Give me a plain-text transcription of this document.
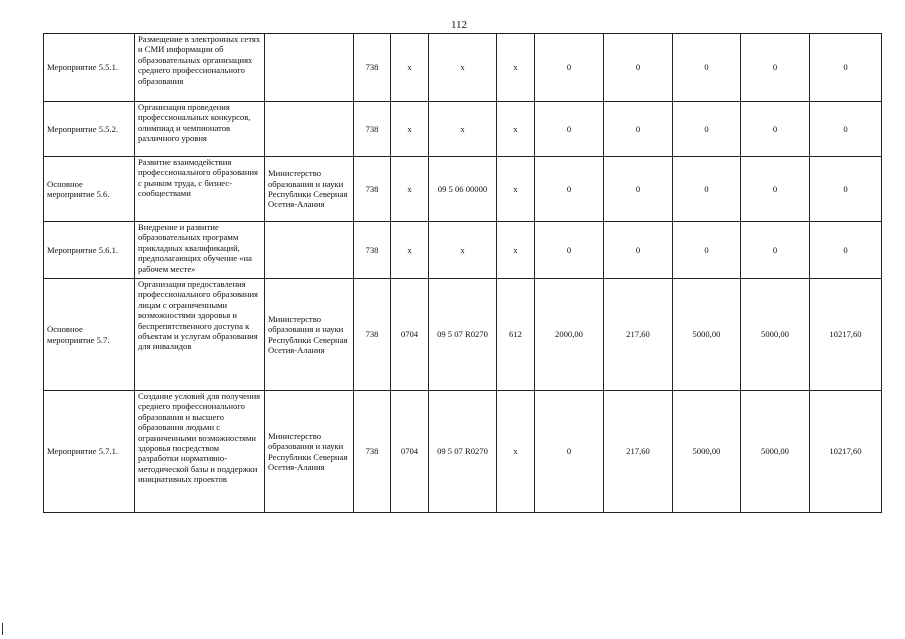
112
Мероприятие 5.5.1.	Размещение в электронных сетях и СМИ информации об образовательных организациях среднего профессионального образования		738	x	x	x	0	0	0	0	0
Мероприятие 5.5.2.	Организация проведения профессиональных конкурсов, олимпиад и чемпионатов различного уровня		738	x	x	x	0	0	0	0	0
Основное мероприятие 5.6.	Развитие взаимодействия профессионального образования с рынком труда, с бизнес-сообществами	Министерство образования и науки Республики Северная Осетия-Алания	738	x	09 5 06 00000	x	0	0	0	0	0
Мероприятие 5.6.1.	Внедрение и развитие образовательных программ прикладных квалификаций, предполагающих обучение «на рабочем месте»		738	x	x	x	0	0	0	0	0
Основное мероприятие 5.7.	Организация предоставления профессионального образования лицам с ограниченными возможностями здоровья и беспрепятственного доступа к объектам и услугам образования для инвалидов	Министерство образования и науки Республики Северная Осетия-Алания	738	0704	09 5 07 R0270	612	2000,00	217,60	5000,00	5000,00	10217,60
Мероприятие 5.7.1.	Создание условий для получения среднего профессионального образования и высшего образования людьми с ограниченными возможностями здоровья посредством разработки нормативно-методической базы и поддержки инициативных проектов	Министерство образования и науки Республики Северная Осетия-Алания	738	0704	09 5 07 R0270	x	0	217,60	5000,00	5000,00	10217,60
